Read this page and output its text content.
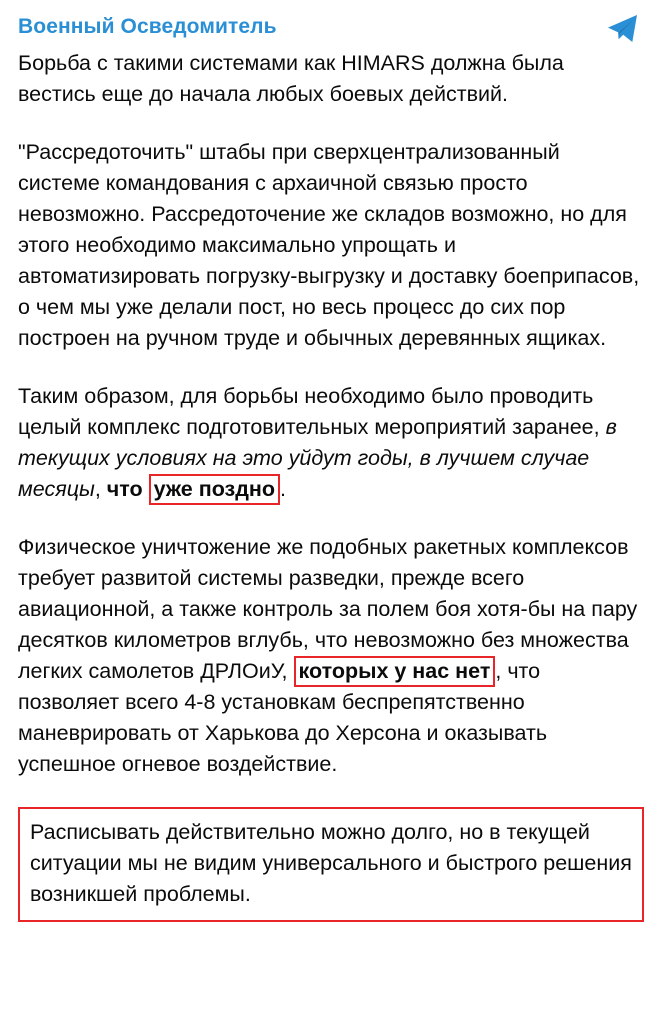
Военный Осведомитель

Борьба с такими системами как HIMARS должна была вестись еще до начала любых боевых действий.

"Рассредоточить" штабы при сверхцентрализованный системе командования с архаичной связью просто невозможно. Рассредоточение же складов возможно, но для этого необходимо максимально упрощать и автоматизировать погрузку-выгрузку и доставку боеприпасов, о чем мы уже делали пост, но весь процесс до сих пор построен на ручном труде и обычных деревянных ящиках.

Таким образом, для борьбы необходимо было проводить целый комплекс подготовительных мероприятий заранее, в текущих условиях на это уйдут годы, в лучшем случае месяцы, что уже поздно .

Физическое уничтожение же подобных ракетных комплексов требует развитой системы разведки, прежде всего авиационной, а также контроль за полем боя хотя-бы на пару десятков километров вглубь, что невозможно без множества легких самолетов ДРЛОиУ, которых у нас нет , что позволяет всего 4-8 установкам беспрепятственно маневрировать от Харькова до Херсона и оказывать успешное огневое воздействие.

Расписывать действительно можно долго, но в текущей ситуации мы не видим универсального и быстрого решения возникшей проблемы.
